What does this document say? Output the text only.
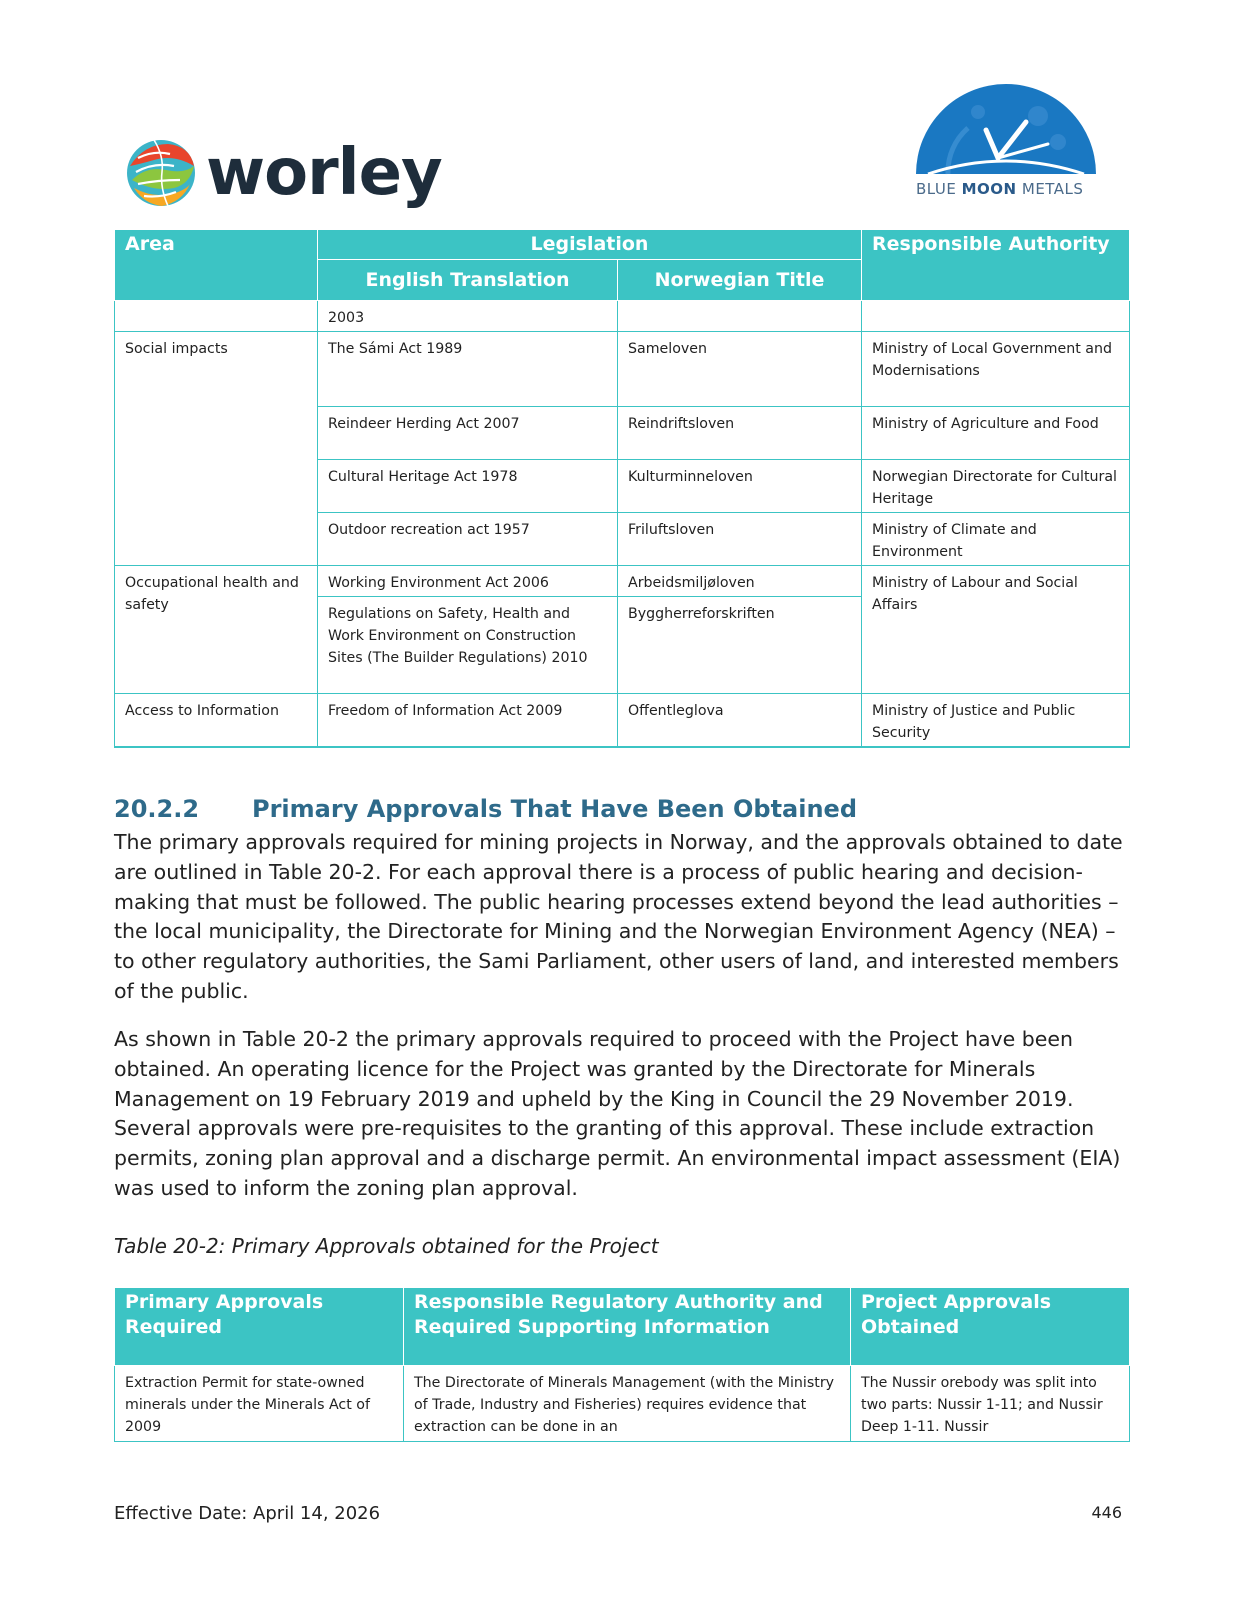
worley	BLUE MOON METALS
Area	Legislation		Responsible Authority
	English Translation	Norwegian Title	
	2003		
Social impacts	The Sámi Act 1989	Sameloven	Ministry of Local Government and Modernisations
	Reindeer Herding Act 2007	Reindriftsloven	Ministry of Agriculture and Food
	Cultural Heritage Act 1978	Kulturminneloven	Norwegian Directorate for Cultural Heritage
	Outdoor recreation act 1957	Friluftsloven	Ministry of Climate and Environment
Occupational health and safety	Working Environment Act 2006	Arbeidsmiljøloven	Ministry of Labour and Social Affairs
	Regulations on Safety, Health and Work Environment on Construction Sites (The Builder Regulations) 2010	Byggherreforskriften	
Access to Information	Freedom of Information Act 2009	Offentleglova	Ministry of Justice and Public Security
20.2.2 Primary Approvals That Have Been Obtained

The primary approvals required for mining projects in Norway, and the approvals obtained to date are outlined in Table 20-2. For each approval there is a process of public hearing and decision-making that must be followed. The public hearing processes extend beyond the lead authorities – the local municipality, the Directorate for Mining and the Norwegian Environment Agency (NEA) – to other regulatory authorities, the Sami Parliament, other users of land, and interested members of the public.

As shown in Table 20-2 the primary approvals required to proceed with the Project have been obtained. An operating licence for the Project was granted by the Directorate for Minerals Management on 19 February 2019 and upheld by the King in Council the 29 November 2019. Several approvals were pre-requisites to the granting of this approval. These include extraction permits, zoning plan approval and a discharge permit. An environmental impact assessment (EIA) was used to inform the zoning plan approval.

Table 20-2: Primary Approvals obtained for the Project
Primary Approvals Required	Responsible Regulatory Authority and Required Supporting Information	Project Approvals Obtained
Extraction Permit for state-owned minerals under the Minerals Act of 2009	The Directorate of Minerals Management (with the Ministry of Trade, Industry and Fisheries) requires evidence that extraction can be done in an	The Nussir orebody was split into two parts: Nussir 1-11; and Nussir Deep 1-11. Nussir
Effective Date: April 14, 2026	446
